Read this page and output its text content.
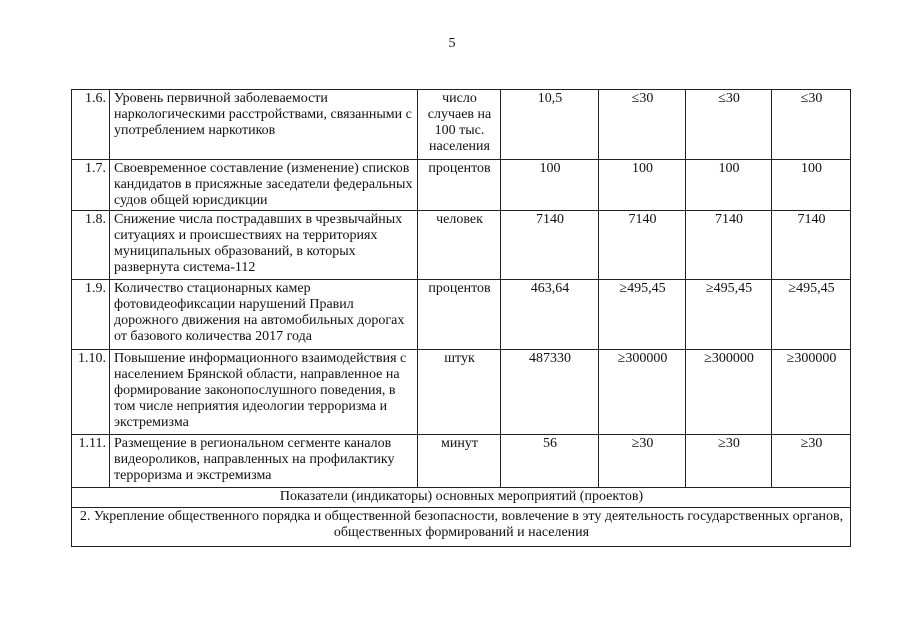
5
1.6.	Уровень первичной заболеваемости наркологическими расстройствами, связанными с употреблением наркотиков	число случаев на 100 тыс. населения	10,5	≤30	≤30	≤30
1.7.	Своевременное составление (изменение) списков кандидатов в присяжные заседатели федеральных судов общей юрисдикции	процентов	100	100	100	100
1.8.	Снижение числа пострадавших в чрезвычайных ситуациях и происшествиях на территориях муниципальных образований, в которых развернута система-112	человек	7140	7140	7140	7140
1.9.	Количество стационарных камер фотовидеофиксации нарушений Правил дорожного движения на автомобильных дорогах от базового количества 2017 года	процентов	463,64	≥495,45	≥495,45	≥495,45
1.10.	Повышение информационного взаимодействия с населением Брянской области, направленное на формирование законопослушного поведения, в том числе неприятия идеологии терроризма и экстремизма	штук	487330	≥300000	≥300000	≥300000
1.11.	Размещение в региональном сегменте каналов видеороликов, направленных на профилактику терроризма и экстремизма	минут	56	≥30	≥30	≥30
Показатели (индикаторы) основных мероприятий (проектов)						
2. Укрепление общественного порядка и общественной безопасности, вовлечение в эту деятельность государственных органов, общественных формирований и населения						
